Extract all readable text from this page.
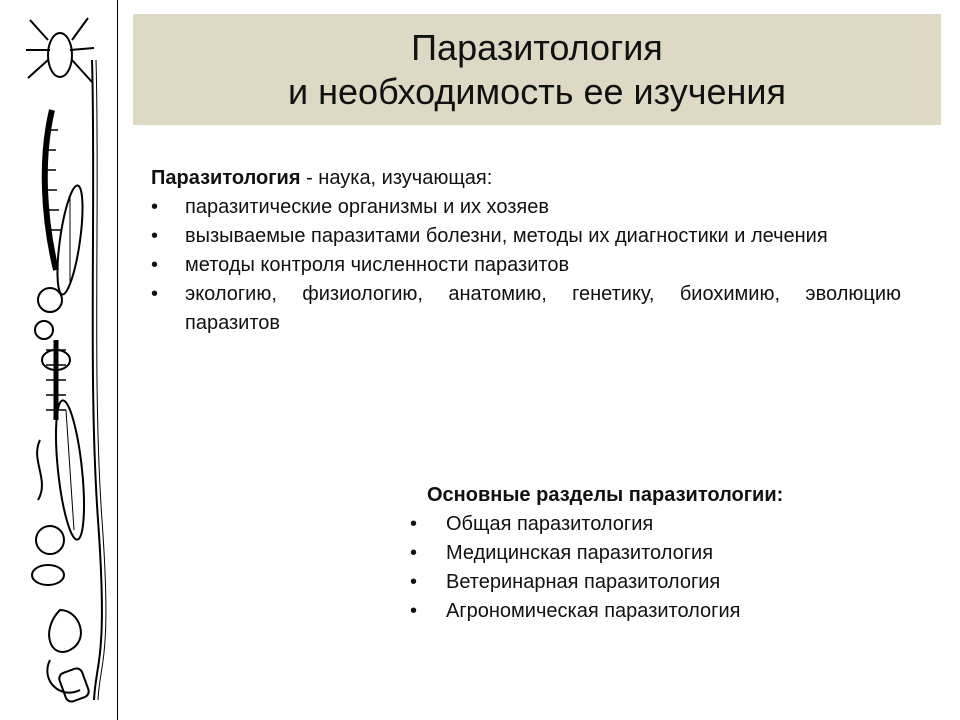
Паразитология
и необходимость ее изучения
Паразитология - наука, изучающая:
• паразитические организмы и их хозяев
• вызываемые паразитами болезни, методы их диагностики и лечения
• методы контроля численности паразитов
• экологию, физиологию, анатомию, генетику, биохимию, эволюцию паразитов
Основные разделы паразитологии:
• Общая паразитология
• Медицинская паразитология
• Ветеринарная паразитология
• Агрономическая паразитология
